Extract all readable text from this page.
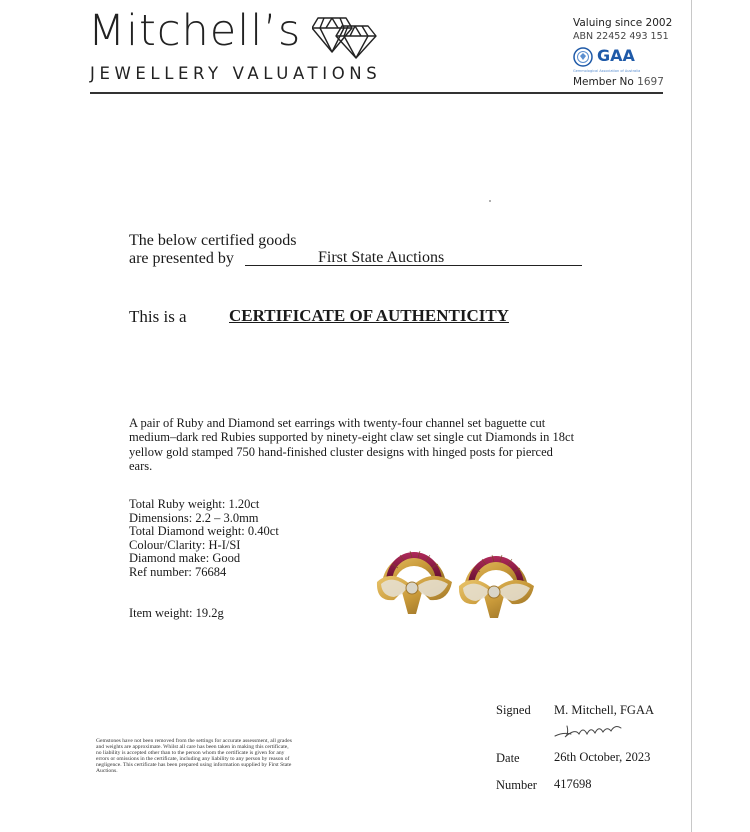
Mitchell’s
JEWELLERY VALUATIONS
Valuing since 2002
ABN 22452 493 151
GAA
Gemmological Association of Australia
Member No 1697
The below certified goods
are presented by	First State Auctions
This is a CERTIFICATE OF AUTHENTICITY
A pair of Ruby and Diamond set earrings with twenty-four channel set baguette cut medium–dark red Rubies supported by ninety-eight claw set single cut Diamonds in 18ct yellow gold stamped 750 hand-finished cluster designs with hinged posts for pierced ears.
Total Ruby weight: 1.20ct
Dimensions: 2.2 – 3.0mm
Total Diamond weight: 0.40ct
Colour/Clarity: H-I/SI
Diamond make: Good
Ref number: 76684
Item weight: 19.2g
Gemstones have not been removed from the settings for accurate assessment, all grades and weights are approximate. Whilst all care has been taken in making this certificate, no liability is accepted other than to the person whom the certificate is given for any errors or omissions in the certificate, including any liability to any person by reason of negligence. This certificate has been prepared using information supplied by First State Auctions.
Signed M. Mitchell, FGAA
Date	26th October, 2023
Number 417698
